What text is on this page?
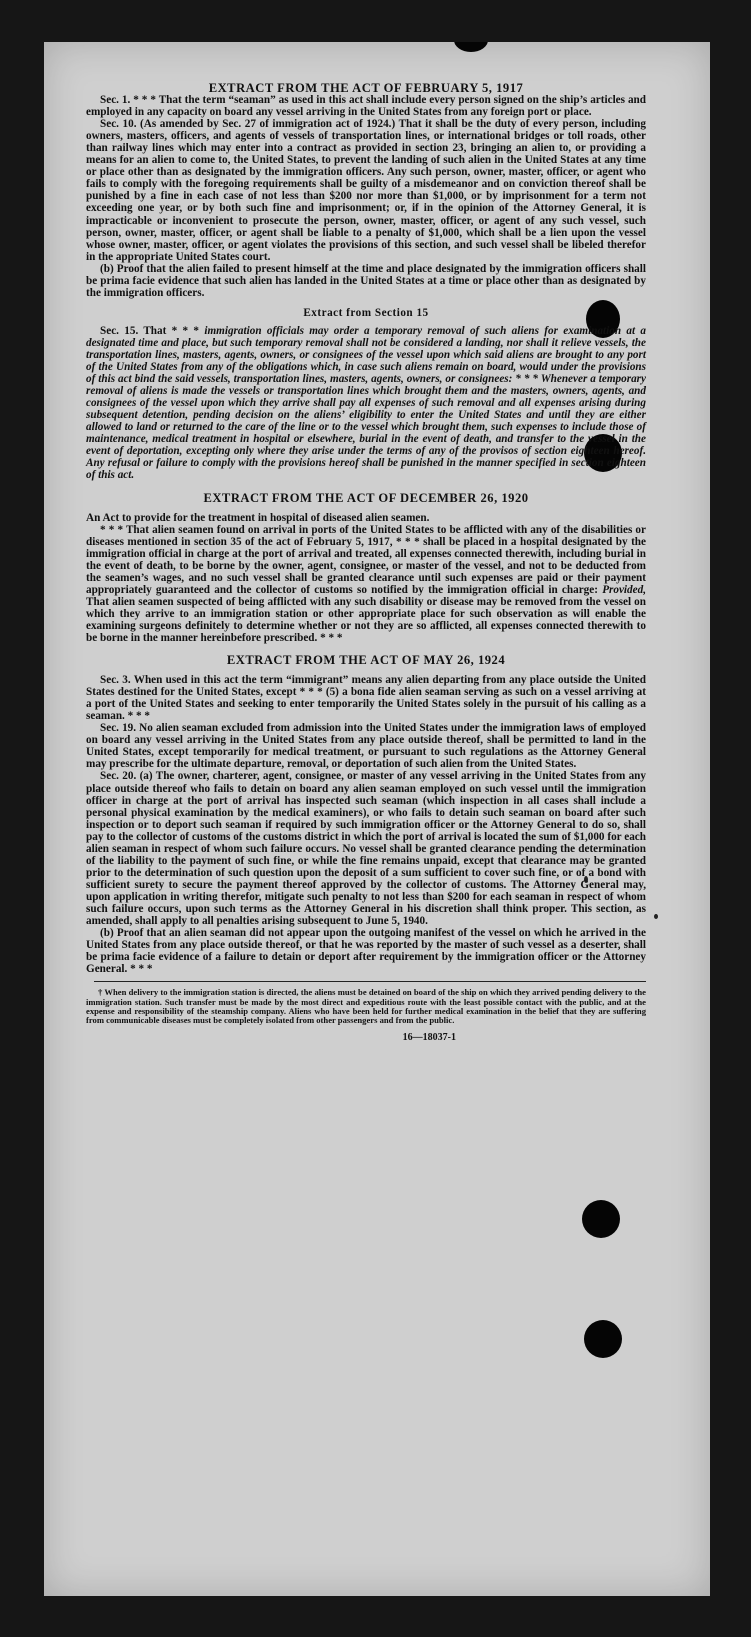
EXTRACT FROM THE ACT OF FEBRUARY 5, 1917

Sec. 1. * * * That the term “seaman” as used in this act shall include every person signed on the ship’s articles and employed in any capacity on board any vessel arriving in the United States from any foreign port or place.

Sec. 10. (As amended by Sec. 27 of immigration act of 1924.) That it shall be the duty of every person, including owners, masters, officers, and agents of vessels of transportation lines, or international bridges or toll roads, other than railway lines which may enter into a contract as provided in section 23, bringing an alien to, or providing a means for an alien to come to, the United States, to prevent the landing of such alien in the United States at any time or place other than as designated by the immigration officers. Any such person, owner, master, officer, or agent who fails to comply with the foregoing requirements shall be guilty of a misdemeanor and on conviction thereof shall be punished by a fine in each case of not less than $200 nor more than $1,000, or by imprisonment for a term not exceeding one year, or by both such fine and imprisonment; or, if in the opinion of the Attorney General, it is impracticable or inconvenient to prosecute the person, owner, master, officer, or agent of any such vessel, such person, owner, master, officer, or agent shall be liable to a penalty of $1,000, which shall be a lien upon the vessel whose owner, master, officer, or agent violates the provisions of this section, and such vessel shall be libeled therefor in the appropriate United States court.

(b) Proof that the alien failed to present himself at the time and place designated by the immigration officers shall be prima facie evidence that such alien has landed in the United States at a time or place other than as designated by the immigration officers.

Extract from Section 15

Sec. 15. That * * * immigration officials may order a temporary removal of such aliens for examination at a designated time and place, but such temporary removal shall not be considered a landing, nor shall it relieve vessels, the transportation lines, masters, agents, owners, or consignees of the vessel upon which said aliens are brought to any port of the United States from any of the obligations which, in case such aliens remain on board, would under the provisions of this act bind the said vessels, transportation lines, masters, agents, owners, or consignees: * * * Whenever a temporary removal of aliens is made the vessels or transportation lines which brought them and the masters, owners, agents, and consignees of the vessel upon which they arrive shall pay all expenses of such removal and all expenses arising during subsequent detention, pending decision on the aliens’ eligibility to enter the United States and until they are either allowed to land or returned to the care of the line or to the vessel which brought them, such expenses to include those of maintenance, medical treatment in hospital or elsewhere, burial in the event of death, and transfer to the vessel in the event of deportation, excepting only where they arise under the terms of any of the provisos of section eighteen hereof. Any refusal or failure to comply with the provisions hereof shall be punished in the manner specified in section eighteen of this act.

EXTRACT FROM THE ACT OF DECEMBER 26, 1920

An Act to provide for the treatment in hospital of diseased alien seamen.

* * * That alien seamen found on arrival in ports of the United States to be afflicted with any of the disabilities or diseases mentioned in section 35 of the act of February 5, 1917, * * * shall be placed in a hospital designated by the immigration official in charge at the port of arrival and treated, all expenses connected therewith, including burial in the event of death, to be borne by the owner, agent, consignee, or master of the vessel, and not to be deducted from the seamen’s wages, and no such vessel shall be granted clearance until such expenses are paid or their payment appropriately guaranteed and the collector of customs so notified by the immigration official in charge: Provided, That alien seamen suspected of being afflicted with any such disability or disease may be removed from the vessel on which they arrive to an immigration station or other appropriate place for such observation as will enable the examining surgeons definitely to determine whether or not they are so afflicted, all expenses connected therewith to be borne in the manner hereinbefore prescribed. * * *

EXTRACT FROM THE ACT OF MAY 26, 1924

Sec. 3. When used in this act the term “immigrant” means any alien departing from any place outside the United States destined for the United States, except * * * (5) a bona fide alien seaman serving as such on a vessel arriving at a port of the United States and seeking to enter temporarily the United States solely in the pursuit of his calling as a seaman. * * *

Sec. 19. No alien seaman excluded from admission into the United States under the immigration laws of employed on board any vessel arriving in the United States from any place outside thereof, shall be permitted to land in the United States, except temporarily for medical treatment, or pursuant to such regulations as the Attorney General may prescribe for the ultimate departure, removal, or deportation of such alien from the United States.

Sec. 20. (a) The owner, charterer, agent, consignee, or master of any vessel arriving in the United States from any place outside thereof who fails to detain on board any alien seaman employed on such vessel until the immigration officer in charge at the port of arrival has inspected such seaman (which inspection in all cases shall include a personal physical examination by the medical examiners), or who fails to detain such seaman on board after such inspection or to deport such seaman if required by such immigration officer or the Attorney General to do so, shall pay to the collector of customs of the customs district in which the port of arrival is located the sum of $1,000 for each alien seaman in respect of whom such failure occurs. No vessel shall be granted clearance pending the determination of the liability to the payment of such fine, or while the fine remains unpaid, except that clearance may be granted prior to the determination of such question upon the deposit of a sum sufficient to cover such fine, or of a bond with sufficient surety to secure the payment thereof approved by the collector of customs. The Attorney General may, upon application in writing therefor, mitigate such penalty to not less than $200 for each seaman in respect of whom such failure occurs, upon such terms as the Attorney General in his discretion shall think proper. This section, as amended, shall apply to all penalties arising subsequent to June 5, 1940.

(b) Proof that an alien seaman did not appear upon the outgoing manifest of the vessel on which he arrived in the United States from any place outside thereof, or that he was reported by the master of such vessel as a deserter, shall be prima facie evidence of a failure to detain or deport after requirement by the immigration officer or the Attorney General. * * *

† When delivery to the immigration station is directed, the aliens must be detained on board of the ship on which they arrived pending delivery to the immigration station. Such transfer must be made by the most direct and expeditious route with the least possible contact with the public, and at the expense and responsibility of the steamship company. Aliens who have been held for further medical examination in the belief that they are suffering from communicable diseases must be completely isolated from other passengers and from the public.

16—18037-1
